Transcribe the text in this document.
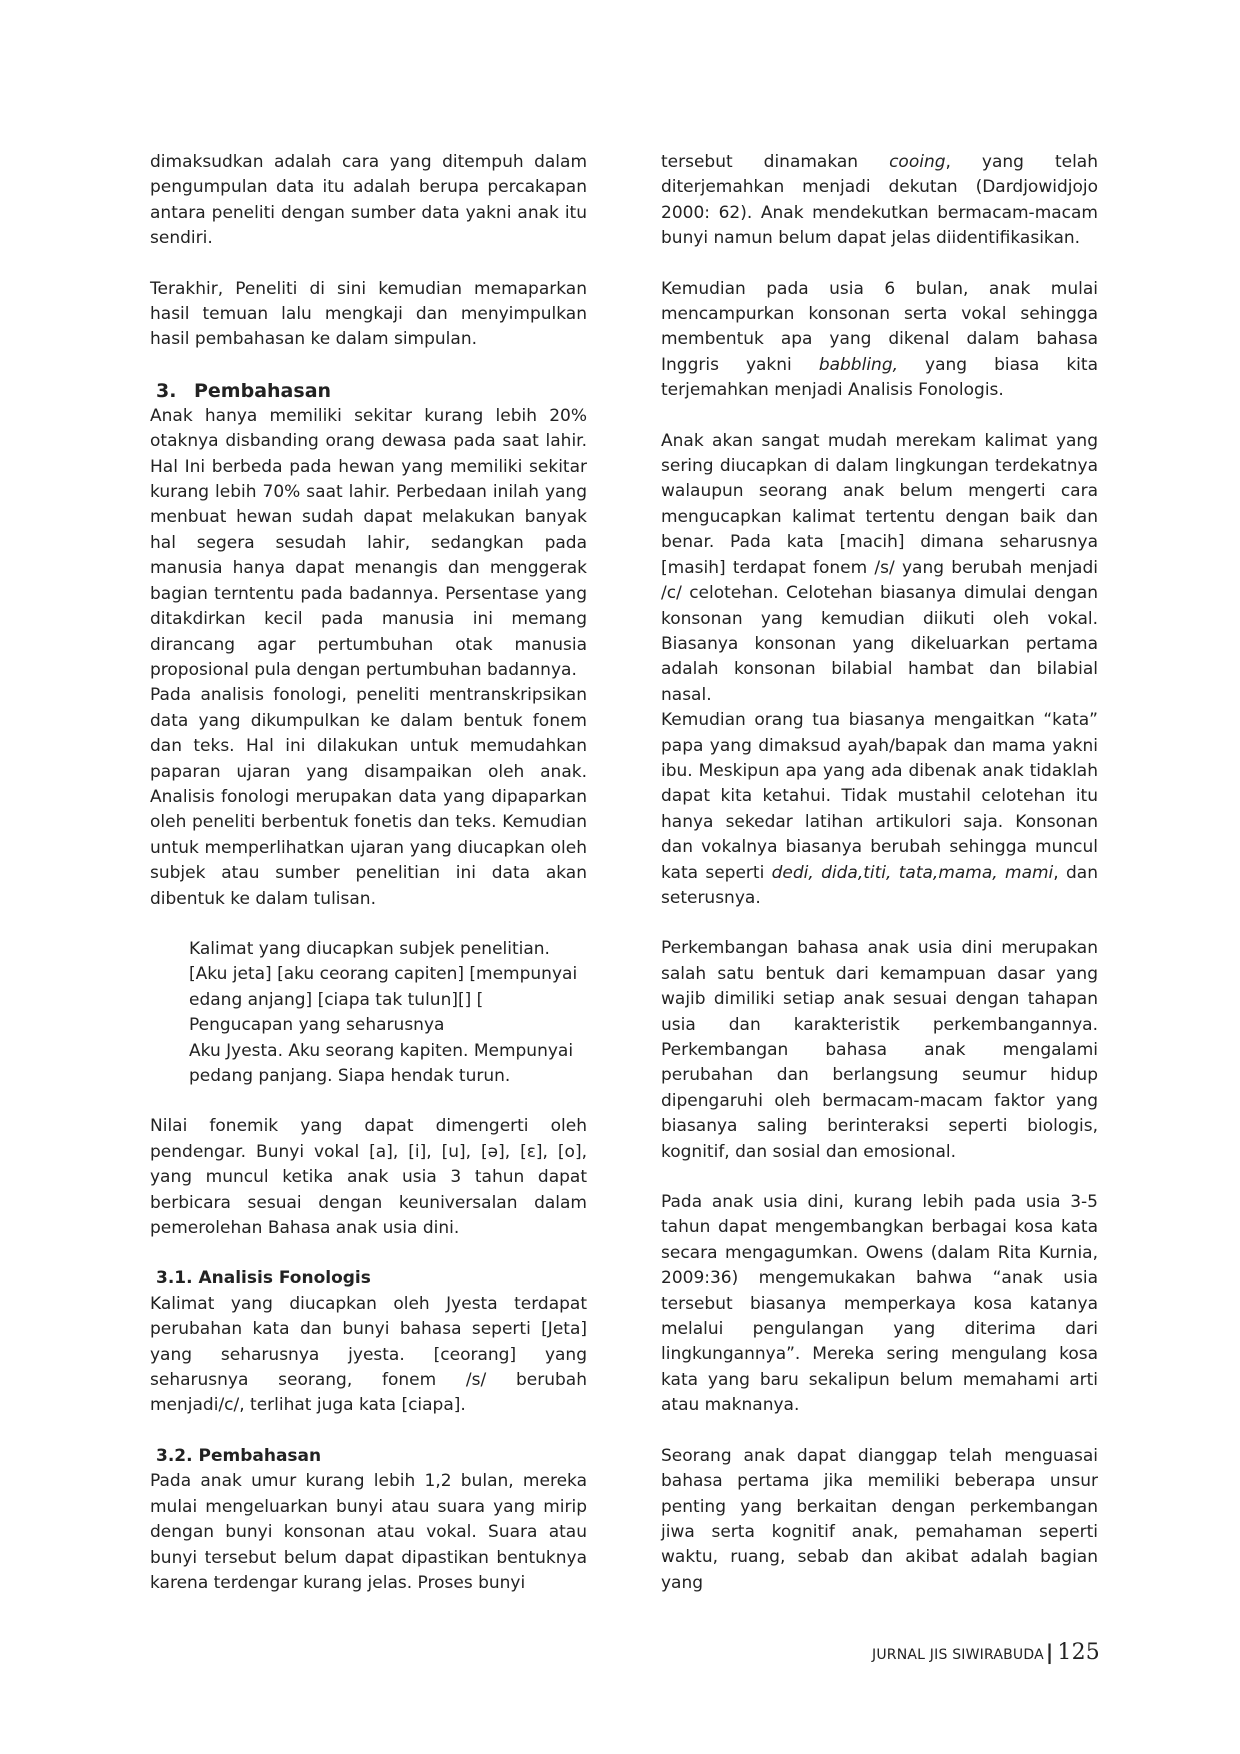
dimaksudkan adalah cara yang ditempuh dalam pengumpulan data itu adalah berupa percakapan antara peneliti dengan sumber data yakni anak itu sendiri.

Terakhir, Peneliti di sini kemudian memaparkan hasil temuan lalu mengkaji dan menyimpulkan hasil pembahasan ke dalam simpulan.

3. Pembahasan

Anak hanya memiliki sekitar kurang lebih 20% otaknya disbanding orang dewasa pada saat lahir. Hal Ini berbeda pada hewan yang memiliki sekitar kurang lebih 70% saat lahir. Perbedaan inilah yang menbuat hewan sudah dapat melakukan banyak hal segera sesudah lahir, sedangkan pada manusia hanya dapat menangis dan menggerak bagian terntentu pada badannya. Persentase yang ditakdirkan kecil pada manusia ini memang dirancang agar pertumbuhan otak manusia proposional pula dengan pertumbuhan badannya.

Pada analisis fonologi, peneliti mentranskripsikan data yang dikumpulkan ke dalam bentuk fonem dan teks. Hal ini dilakukan untuk memudahkan paparan ujaran yang disampaikan oleh anak. Analisis fonologi merupakan data yang dipaparkan oleh peneliti berbentuk fonetis dan teks. Kemudian untuk memperlihatkan ujaran yang diucapkan oleh subjek atau sumber penelitian ini data akan dibentuk ke dalam tulisan.

Kalimat yang diucapkan subjek penelitian.
[Aku jeta] [aku ceorang capiten] [mempunyai
edang anjang] [ciapa tak tulun][] [
Pengucapan yang seharusnya
Aku Jyesta. Aku seorang kapiten. Mempunyai
pedang panjang. Siapa hendak turun.

Nilai fonemik yang dapat dimengerti oleh pendengar. Bunyi vokal [a], [i], [u], [ə], [ɛ], [o], yang muncul ketika anak usia 3 tahun dapat berbicara sesuai dengan keuniversalan dalam pemerolehan Bahasa anak usia dini.

3.1. Analisis Fonologis

Kalimat yang diucapkan oleh Jyesta terdapat perubahan kata dan bunyi bahasa seperti [Jeta] yang seharusnya jyesta. [ceorang] yang seharusnya seorang, fonem /s/ berubah menjadi/c/, terlihat juga kata [ciapa].

3.2. Pembahasan

Pada anak umur kurang lebih 1,2 bulan, mereka mulai mengeluarkan bunyi atau suara yang mirip dengan bunyi konsonan atau vokal. Suara atau bunyi tersebut belum dapat dipastikan bentuknya karena terdengar kurang jelas. Proses bunyi

tersebut dinamakan cooing, yang telah diterjemahkan menjadi dekutan (Dardjowidjojo 2000: 62). Anak mendekutkan bermacam-macam bunyi namun belum dapat jelas diidentifikasikan.

Kemudian pada usia 6 bulan, anak mulai mencampurkan konsonan serta vokal sehingga membentuk apa yang dikenal dalam bahasa Inggris yakni babbling, yang biasa kita terjemahkan menjadi Analisis Fonologis.

Anak akan sangat mudah merekam kalimat yang sering diucapkan di dalam lingkungan terdekatnya walaupun seorang anak belum mengerti cara mengucapkan kalimat tertentu dengan baik dan benar. Pada kata [macih] dimana seharusnya [masih] terdapat fonem /s/ yang berubah menjadi /c/ celotehan. Celotehan biasanya dimulai dengan konsonan yang kemudian diikuti oleh vokal. Biasanya konsonan yang dikeluarkan pertama adalah konsonan bilabial hambat dan bilabial nasal.

Kemudian orang tua biasanya mengaitkan “kata” papa yang dimaksud ayah/bapak dan mama yakni ibu. Meskipun apa yang ada dibenak anak tidaklah dapat kita ketahui. Tidak mustahil celotehan itu hanya sekedar latihan artikulori saja. Konsonan dan vokalnya biasanya berubah sehingga muncul kata seperti dedi, dida,titi, tata,mama, mami, dan seterusnya.

Perkembangan bahasa anak usia dini merupakan salah satu bentuk dari kemampuan dasar yang wajib dimiliki setiap anak sesuai dengan tahapan usia dan karakteristik perkembangannya. Perkembangan bahasa anak mengalami perubahan dan berlangsung seumur hidup dipengaruhi oleh bermacam-macam faktor yang biasanya saling berinteraksi seperti biologis, kognitif, dan sosial dan emosional.

Pada anak usia dini, kurang lebih pada usia 3-5 tahun dapat mengembangkan berbagai kosa kata secara mengagumkan. Owens (dalam Rita Kurnia, 2009:36) mengemukakan bahwa “anak usia tersebut biasanya memperkaya kosa katanya melalui pengulangan yang diterima dari lingkungannya”. Mereka sering mengulang kosa kata yang baru sekalipun belum memahami arti atau maknanya.

Seorang anak dapat dianggap telah menguasai bahasa pertama jika memiliki beberapa unsur penting yang berkaitan dengan perkembangan jiwa serta kognitif anak, pemahaman seperti waktu, ruang, sebab dan akibat adalah bagian yang

JURNAL JIS SIWIRABUDA | 125
